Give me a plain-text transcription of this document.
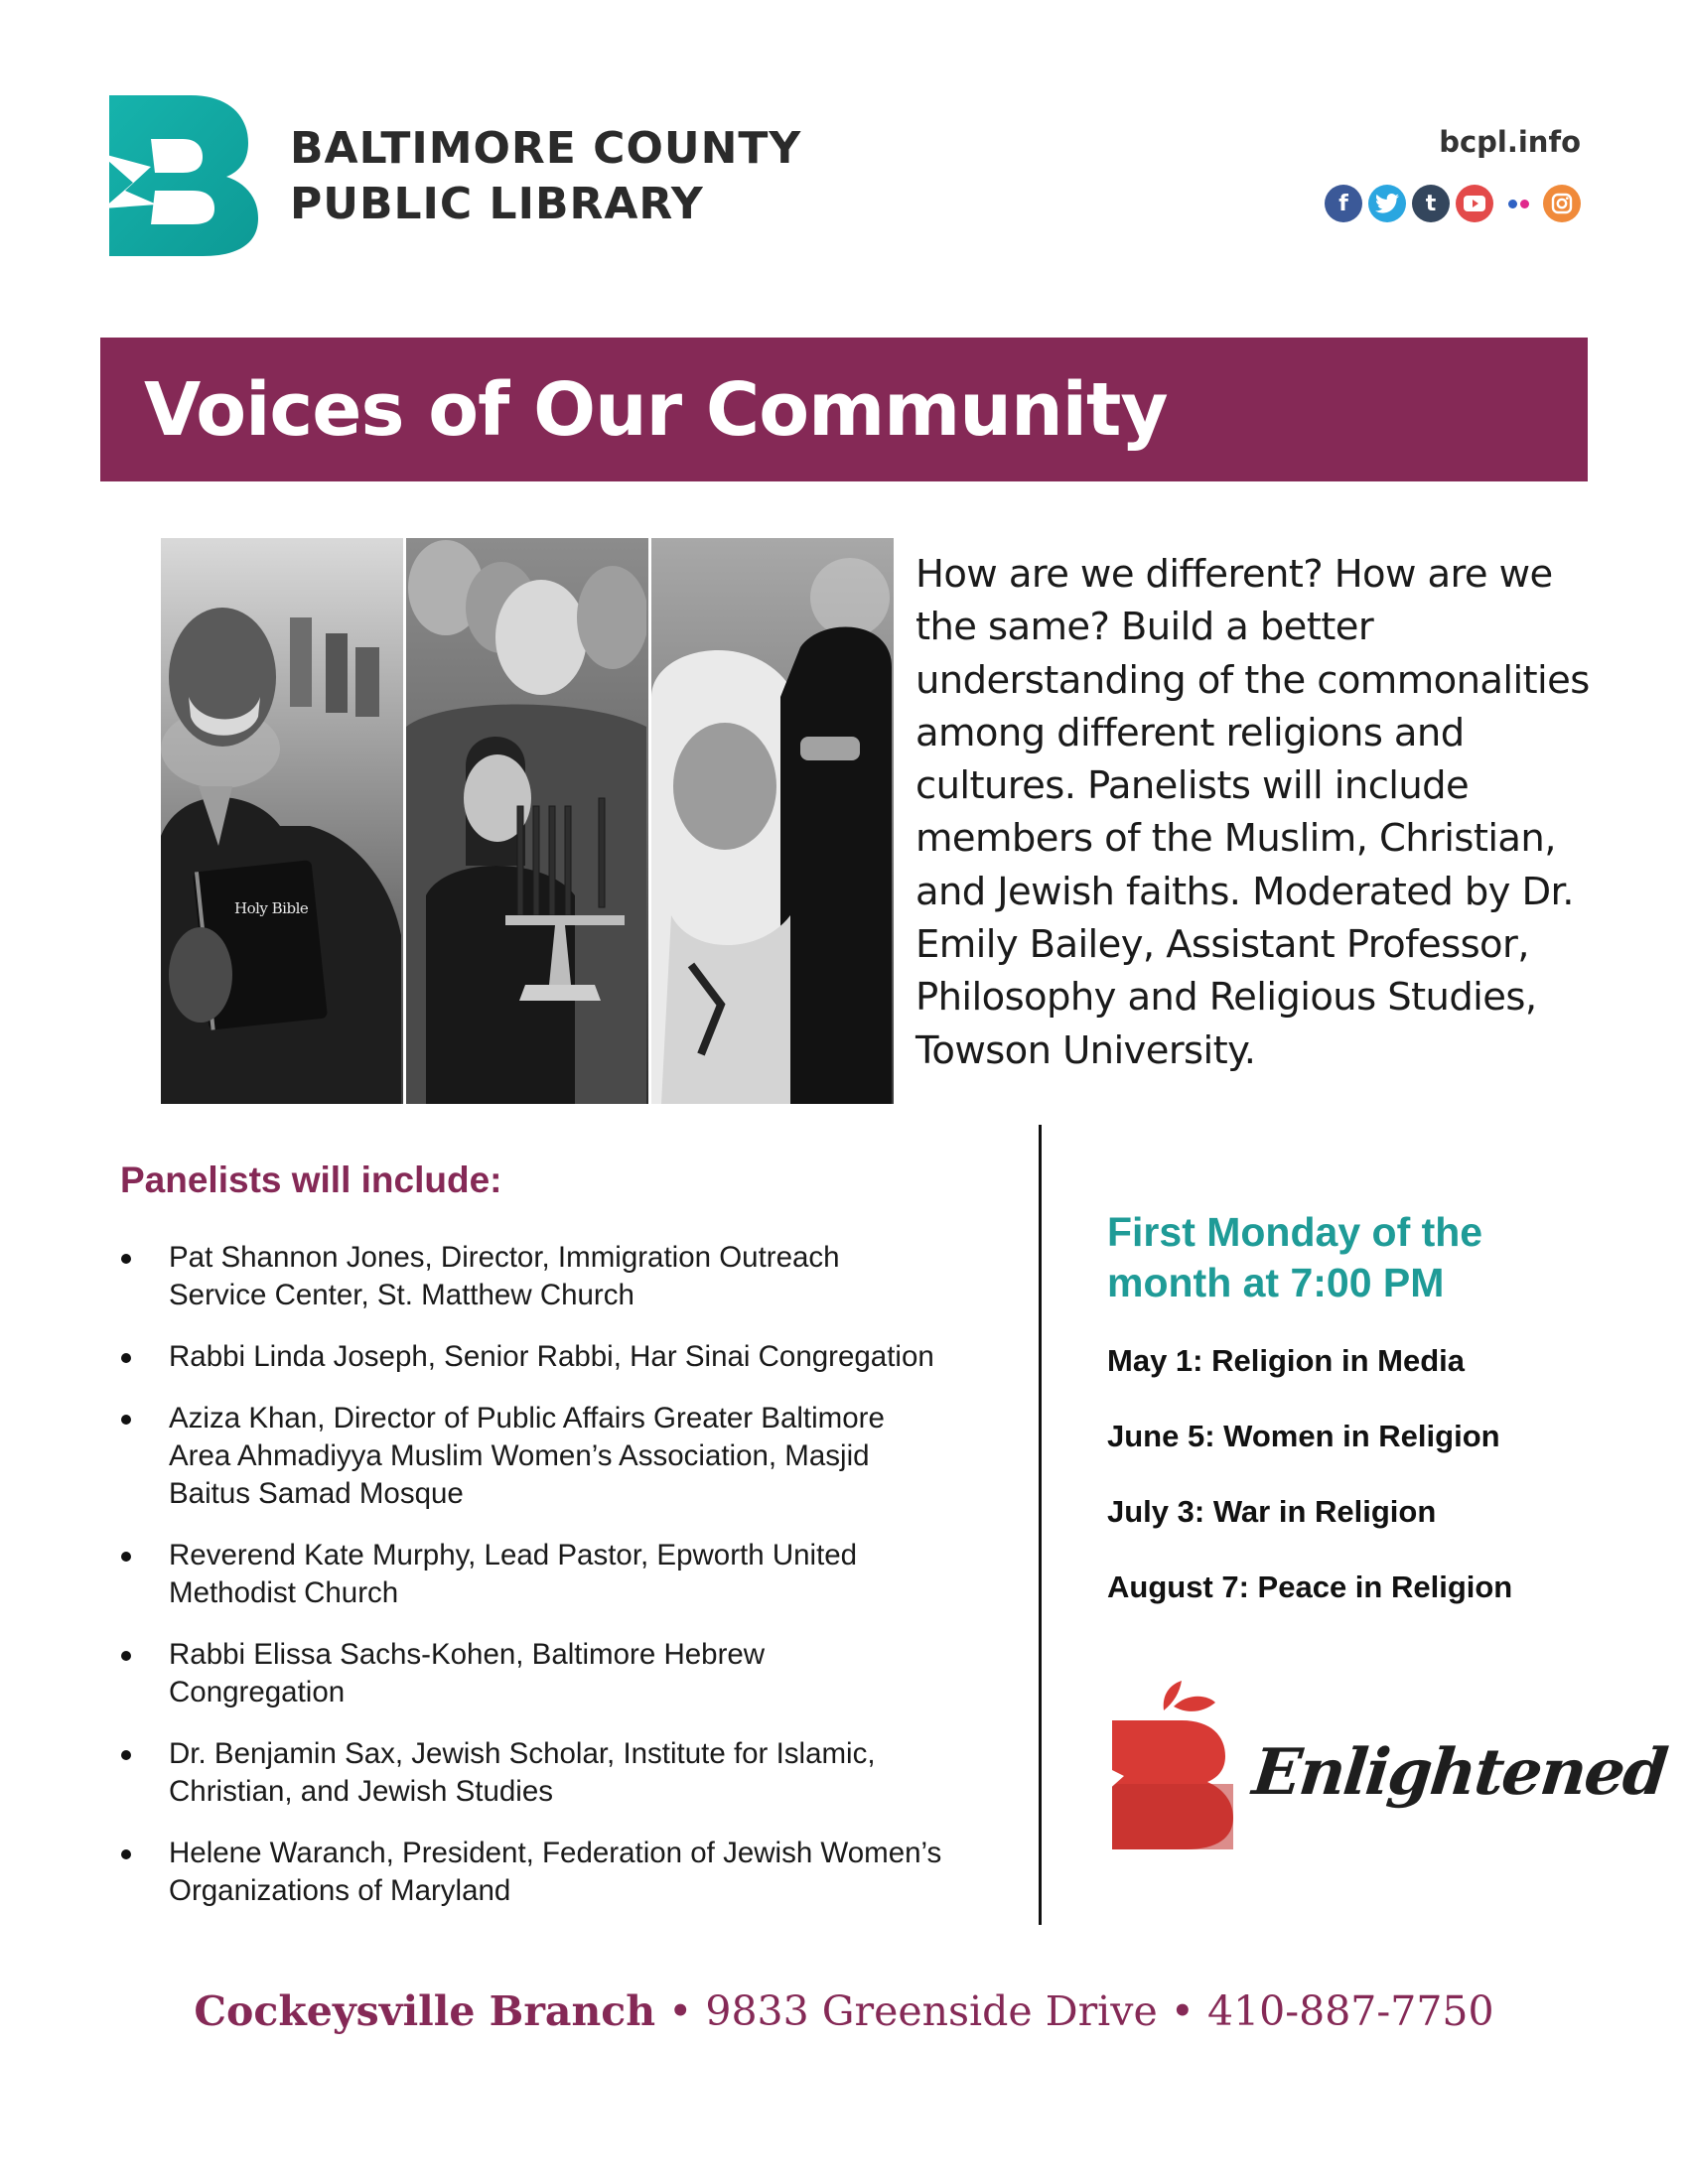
BALTIMORE COUNTY
PUBLIC LIBRARY
bcpl.info
f	t
Voices of Our Community
Holy Bible
How are we different? How are we
the same? Build a better
understanding of the commonalities
among different religions and
cultures. Panelists will include
members of the Muslim, Christian,
and Jewish faiths. Moderated by Dr.
Emily Bailey, Assistant Professor,
Philosophy and Religious Studies,
Towson University.
Panelists will include:
Pat Shannon Jones, Director, Immigration Outreach
Service Center, St. Matthew Church
Rabbi Linda Joseph, Senior Rabbi, Har Sinai Congregation
Aziza Khan, Director of Public Affairs Greater Baltimore
Area Ahmadiyya Muslim Women’s Association, Masjid
Baitus Samad Mosque
Reverend Kate Murphy, Lead Pastor, Epworth United
Methodist Church
Rabbi Elissa Sachs-Kohen, Baltimore Hebrew
Congregation
Dr. Benjamin Sax, Jewish Scholar, Institute for Islamic,
Christian, and Jewish Studies
Helene Waranch, President, Federation of Jewish Women’s
Organizations of Maryland
First Monday of the
month at 7:00 PM
May 1: Religion in Media
June 5: Women in Religion
July 3: War in Religion
August 7: Peace in Religion
Enlightened
Cockeysville Branch • 9833 Greenside Drive • 410-887-7750
